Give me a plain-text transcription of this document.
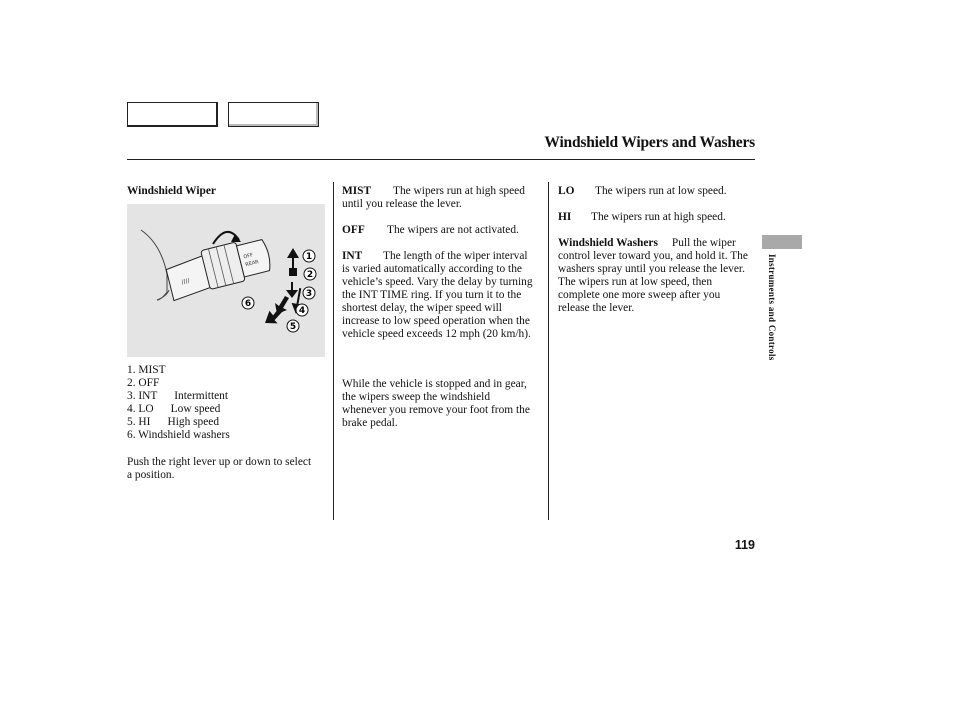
Windshield Wipers and Washers
Windshield Wiper
////
OFF
REAR
1
2
3
4
5
6
1. MIST
2. OFF
3. INT      Intermittent
4. LO      Low speed
5. HI      High speed
6. Windshield washers
Push the right lever up or down to select a position.
MIST The wipers run at high speed until you release the lever.
OFF The wipers are not activated.
INT The length of the wiper interval is varied automatically according to the vehicle’s speed. Vary the delay by turning the INT TIME ring. If you turn it to the shortest delay, the wiper speed will increase to low speed operation when the vehicle speed exceeds 12 mph (20 km/h).
While the vehicle is stopped and in gear, the wipers sweep the windshield whenever you remove your foot from the brake pedal.
LO The wipers run at low speed.
HI The wipers run at high speed.
Windshield Washers Pull the wiper control lever toward you, and hold it. The washers spray until you release the lever. The wipers run at low speed, then complete one more sweep after you release the lever.	Instruments and Controls
119
